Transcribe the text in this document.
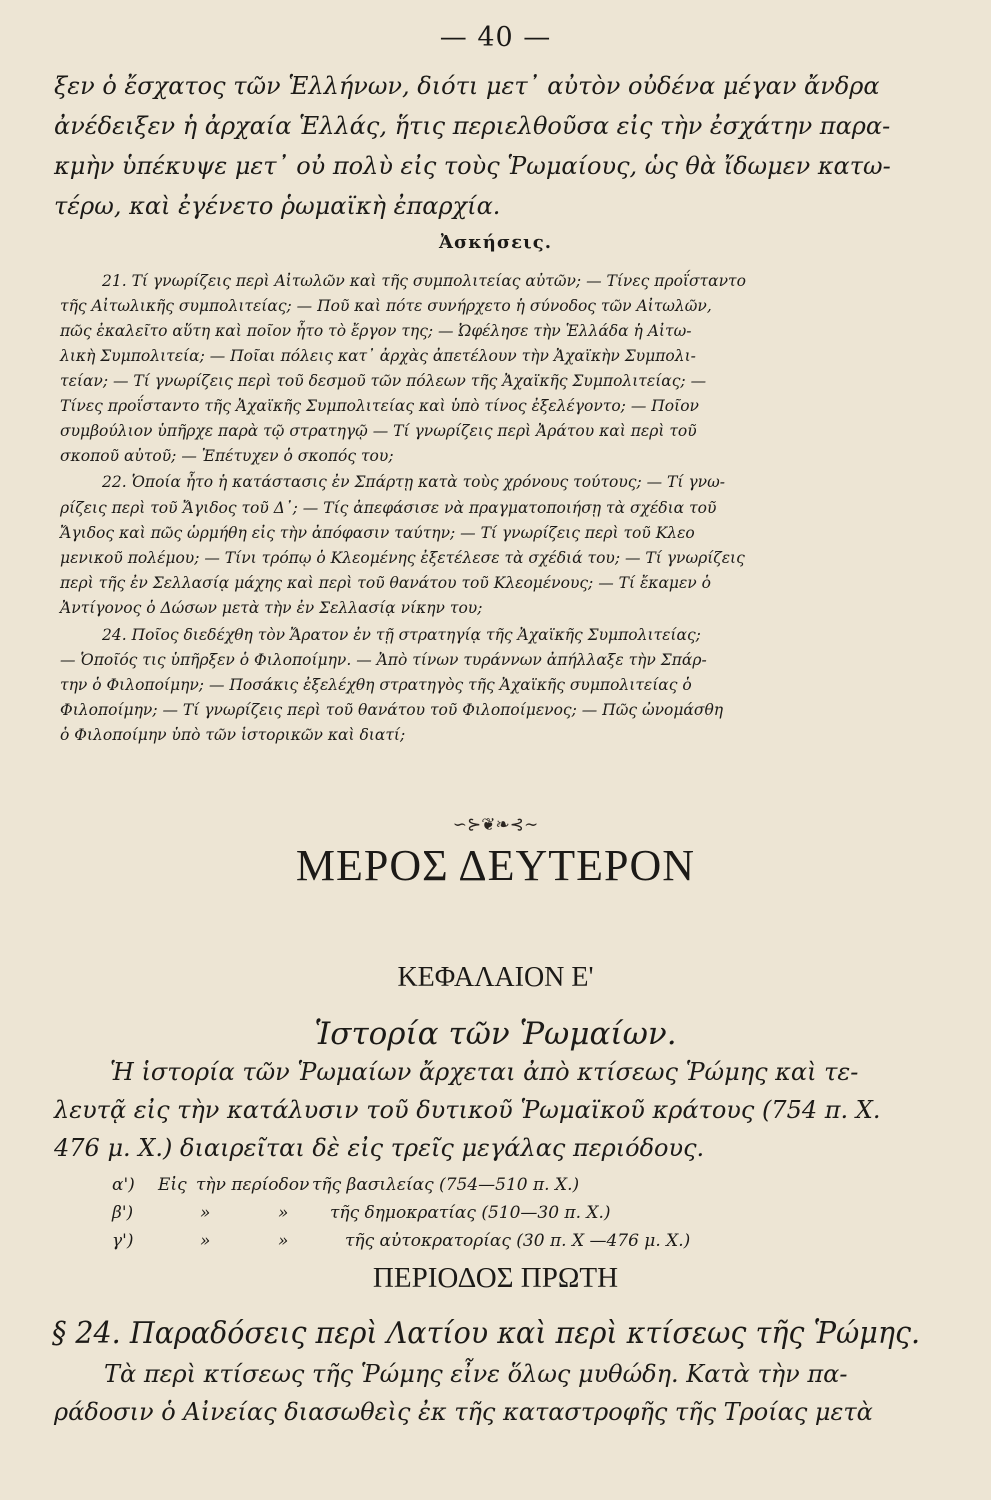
— 40 —
ξεν ὁ ἔσχατος τῶν Ἑλλήνων, διότι μετ᾽ αὐτὸν οὐδένα μέγαν ἄνδρα
ἀνέδειξεν ἡ ἀρχαία Ἑλλάς, ἥτις περιελθοῦσα εἰς τὴν ἐσχάτην παρα-
κμὴν ὑπέκυψε μετ᾽ οὐ πολὺ εἰς τοὺς Ῥωμαίους, ὡς θὰ ἴδωμεν κατω-
τέρω, καὶ ἐγένετο ῥωμαϊκὴ ἐπαρχία.
Ἀσκήσεις.
21. Τί γνωρίζεις περὶ Αἰτωλῶν καὶ τῆς συμπολιτείας αὐτῶν; — Τίνες προΐσταντο
τῆς Αἰτωλικῆς συμπολιτείας; — Ποῦ καὶ πότε συνήρχετο ἡ σύνοδος τῶν Αἰτωλῶν,
πῶς ἐκαλεῖτο αὕτη καὶ ποῖον ἦτο τὸ ἔργον της; — Ὠφέλησε τὴν Ἑλλάδα ἡ Αἰτω-
λικὴ Συμπολιτεία; — Ποῖαι πόλεις κατ᾽ ἀρχὰς ἀπετέλουν τὴν Ἀχαϊκὴν Συμπολι-
τείαν; — Τί γνωρίζεις περὶ τοῦ δεσμοῦ τῶν πόλεων τῆς Ἀχαϊκῆς Συμπολιτείας; —
Τίνες προΐσταντο τῆς Ἀχαϊκῆς Συμπολιτείας καὶ ὑπὸ τίνος ἐξελέγοντο; — Ποῖον
συμβούλιον ὑπῆρχε παρὰ τῷ στρατηγῷ — Τί γνωρίζεις περὶ Ἀράτου καὶ περὶ τοῦ
σκοποῦ αὐτοῦ; — Ἐπέτυχεν ὁ σκοπός του;
22. Ὁποία ἦτο ἡ κατάστασις ἐν Σπάρτῃ κατὰ τοὺς χρόνους τούτους; — Τί γνω-
ρίζεις περὶ τοῦ Ἄγιδος τοῦ Δ᾽; — Τίς ἀπεφάσισε νὰ πραγματοποιήσῃ τὰ σχέδια τοῦ
Ἄγιδος καὶ πῶς ὡρμήθη εἰς τὴν ἀπόφασιν ταύτην; — Τί γνωρίζεις περὶ τοῦ Κλεο
μενικοῦ πολέμου; — Τίνι τρόπῳ ὁ Κλεομένης ἐξετέλεσε τὰ σχέδιά του; — Τί γνωρίζεις
περὶ τῆς ἐν Σελλασίᾳ μάχης καὶ περὶ τοῦ θανάτου τοῦ Κλεομένους; — Τί ἔκαμεν ὁ
Ἀντίγονος ὁ Δώσων μετὰ τὴν ἐν Σελλασίᾳ νίκην του;
24. Ποῖος διεδέχθη τὸν Ἄρατον ἐν τῇ στρατηγίᾳ τῆς Ἀχαϊκῆς Συμπολιτείας;
— Ὁποῖός τις ὑπῆρξεν ὁ Φιλοποίμην. — Ἀπὸ τίνων τυράννων ἀπήλλαξε τὴν Σπάρ-
την ὁ Φιλοποίμην; — Ποσάκις ἐξελέχθη στρατηγὸς τῆς Ἀχαϊκῆς συμπολιτείας ὁ
Φιλοποίμην; — Τί γνωρίζεις περὶ τοῦ θανάτου τοῦ Φιλοποίμενος; — Πῶς ὠνομάσθη
ὁ Φιλοποίμην ὑπὸ τῶν ἱστορικῶν καὶ διατί;
∽⊱❦❧⊰∼
ΜΕΡΟΣ ΔΕΥΤΕΡΟΝ
ΚΕΦΑΛΑΙΟΝ Ε'
Ἱστορία τῶν Ῥωμαίων.
Ἡ ἱστορία τῶν Ῥωμαίων ἄρχεται ἀπὸ κτίσεως Ῥώμης καὶ τε-
λευτᾷ εἰς τὴν κατάλυσιν τοῦ δυτικοῦ Ῥωμαϊκοῦ κράτους (754 π. Χ.
476 μ. Χ.) διαιρεῖται δὲ εἰς τρεῖς μεγάλας περιόδους.
α') Εἰς τὴν περίοδον τῆς βασιλείας (754—510 π. Χ.)
β')	»	» τῆς δημοκρατίας (510—30 π. Χ.)
γ')	»	»	τῆς αὐτοκρατορίας (30 π. Χ —476 μ. Χ.)
ΠΕΡΙΟΔΟΣ ΠΡΩΤΗ
§ 24. Παραδόσεις περὶ Λατίου καὶ περὶ κτίσεως τῆς Ῥώμης.
Τὰ περὶ κτίσεως τῆς Ῥώμης εἶνε ὅλως μυθώδη. Κατὰ τὴν πα-
ράδοσιν ὁ Αἰνείας διασωθεὶς ἐκ τῆς καταστροφῆς τῆς Τροίας μετὰ
